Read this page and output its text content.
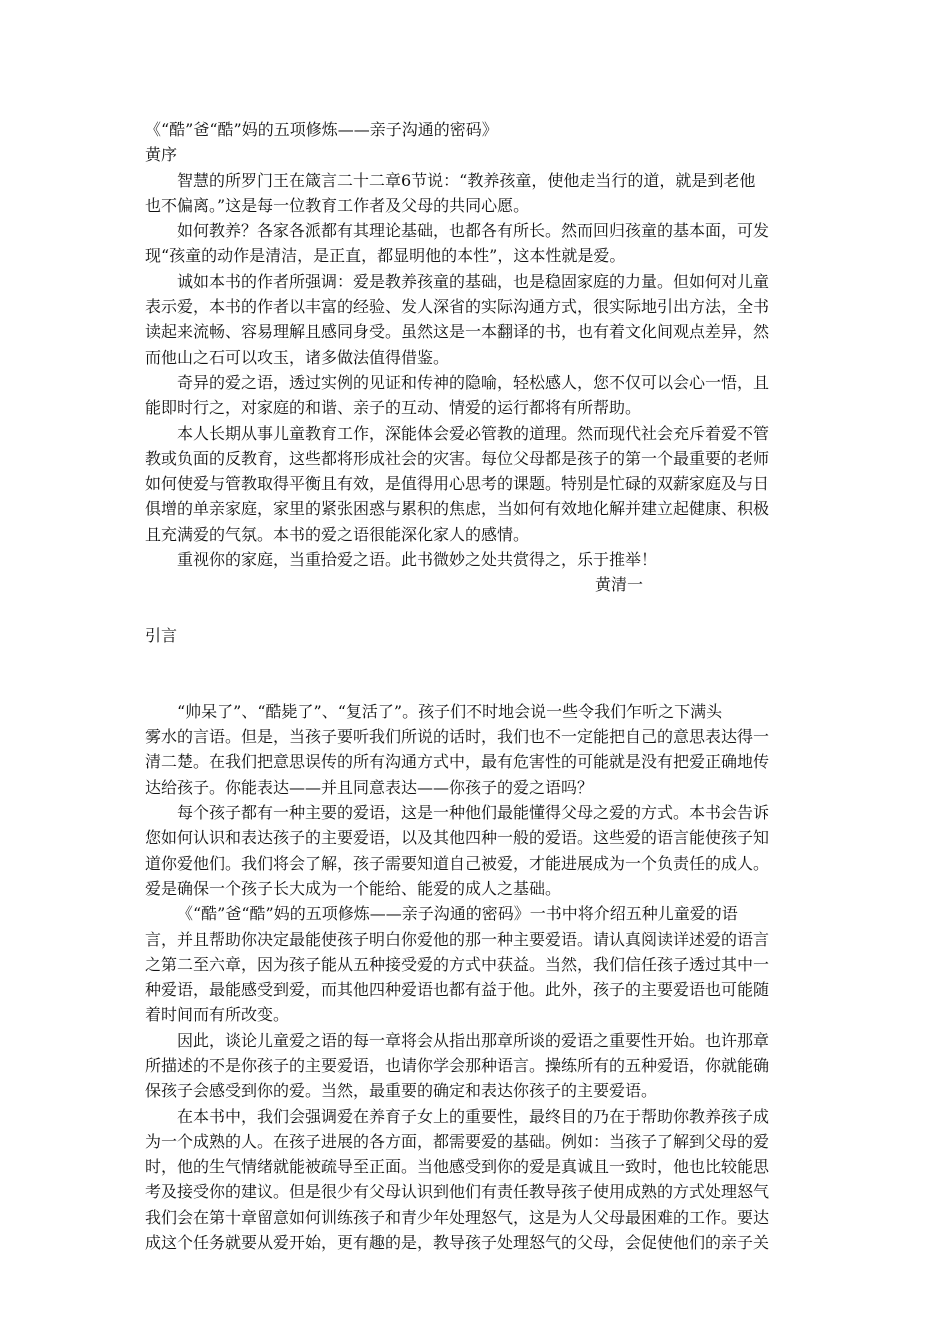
《“酷”爸“酷”妈的五项修炼——亲子沟通的密码》
黄序
智慧的所罗门王在箴言二十二章6节说：“教养孩童，使他走当行的道，就是到老他
也不偏离。”这是每一位教育工作者及父母的共同心愿。
如何教养？各家各派都有其理论基础，也都各有所长。然而回归孩童的基本面，可发
现“孩童的动作是清洁，是正直，都显明他的本性”，这本性就是爱。
诚如本书的作者所强调：爱是教养孩童的基础，也是稳固家庭的力量。但如何对儿童
表示爱，本书的作者以丰富的经验、发人深省的实际沟通方式，很实际地引出方法，全书
读起来流畅、容易理解且感同身受。虽然这是一本翻译的书，也有着文化间观点差异，然
而他山之石可以攻玉，诸多做法值得借鉴。
奇异的爱之语，透过实例的见证和传神的隐喻，轻松感人，您不仅可以会心一悟，且
能即时行之，对家庭的和谐、亲子的互动、情爱的运行都将有所帮助。
本人长期从事儿童教育工作，深能体会爱必管教的道理。然而现代社会充斥着爱不管
教或负面的反教育，这些都将形成社会的灾害。每位父母都是孩子的第一个最重要的老师
如何使爱与管教取得平衡且有效，是值得用心思考的课题。特别是忙碌的双薪家庭及与日
俱增的单亲家庭，家里的紧张困惑与累积的焦虑，当如何有效地化解并建立起健康、积极
且充满爱的气氛。本书的爱之语很能深化家人的感情。
重视你的家庭，当重拾爱之语。此书微妙之处共赏得之，乐于推举！
黄清一
引言
“帅呆了”、“酷毙了”、“复活了”。孩子们不时地会说一些令我们乍听之下满头
雾水的言语。但是，当孩子要听我们所说的话时，我们也不一定能把自己的意思表达得一
清二楚。在我们把意思误传的所有沟通方式中，最有危害性的可能就是没有把爱正确地传
达给孩子。你能表达——并且同意表达——你孩子的爱之语吗？
每个孩子都有一种主要的爱语，这是一种他们最能懂得父母之爱的方式。本书会告诉
您如何认识和表达孩子的主要爱语，以及其他四种一般的爱语。这些爱的语言能使孩子知
道你爱他们。我们将会了解，孩子需要知道自己被爱，才能进展成为一个负责任的成人。
爱是确保一个孩子长大成为一个能给、能爱的成人之基础。
《“酷”爸“酷”妈的五项修炼——亲子沟通的密码》一书中将介绍五种儿童爱的语
言，并且帮助你决定最能使孩子明白你爱他的那一种主要爱语。请认真阅读详述爱的语言
之第二至六章，因为孩子能从五种接受爱的方式中获益。当然，我们信任孩子透过其中一
种爱语，最能感受到爱，而其他四种爱语也都有益于他。此外，孩子的主要爱语也可能随
着时间而有所改变。
因此，谈论儿童爱之语的每一章将会从指出那章所谈的爱语之重要性开始。也许那章
所描述的不是你孩子的主要爱语，也请你学会那种语言。操练所有的五种爱语，你就能确
保孩子会感受到你的爱。当然，最重要的确定和表达你孩子的主要爱语。
在本书中，我们会强调爱在养育子女上的重要性，最终目的乃在于帮助你教养孩子成
为一个成熟的人。在孩子进展的各方面，都需要爱的基础。例如：当孩子了解到父母的爱
时，他的生气情绪就能被疏导至正面。当他感受到你的爱是真诚且一致时，他也比较能思
考及接受你的建议。但是很少有父母认识到他们有责任教导孩子使用成熟的方式处理怒气
我们会在第十章留意如何训练孩子和青少年处理怒气，这是为人父母最困难的工作。要达
成这个任务就要从爱开始，更有趣的是，教导孩子处理怒气的父母，会促使他们的亲子关
